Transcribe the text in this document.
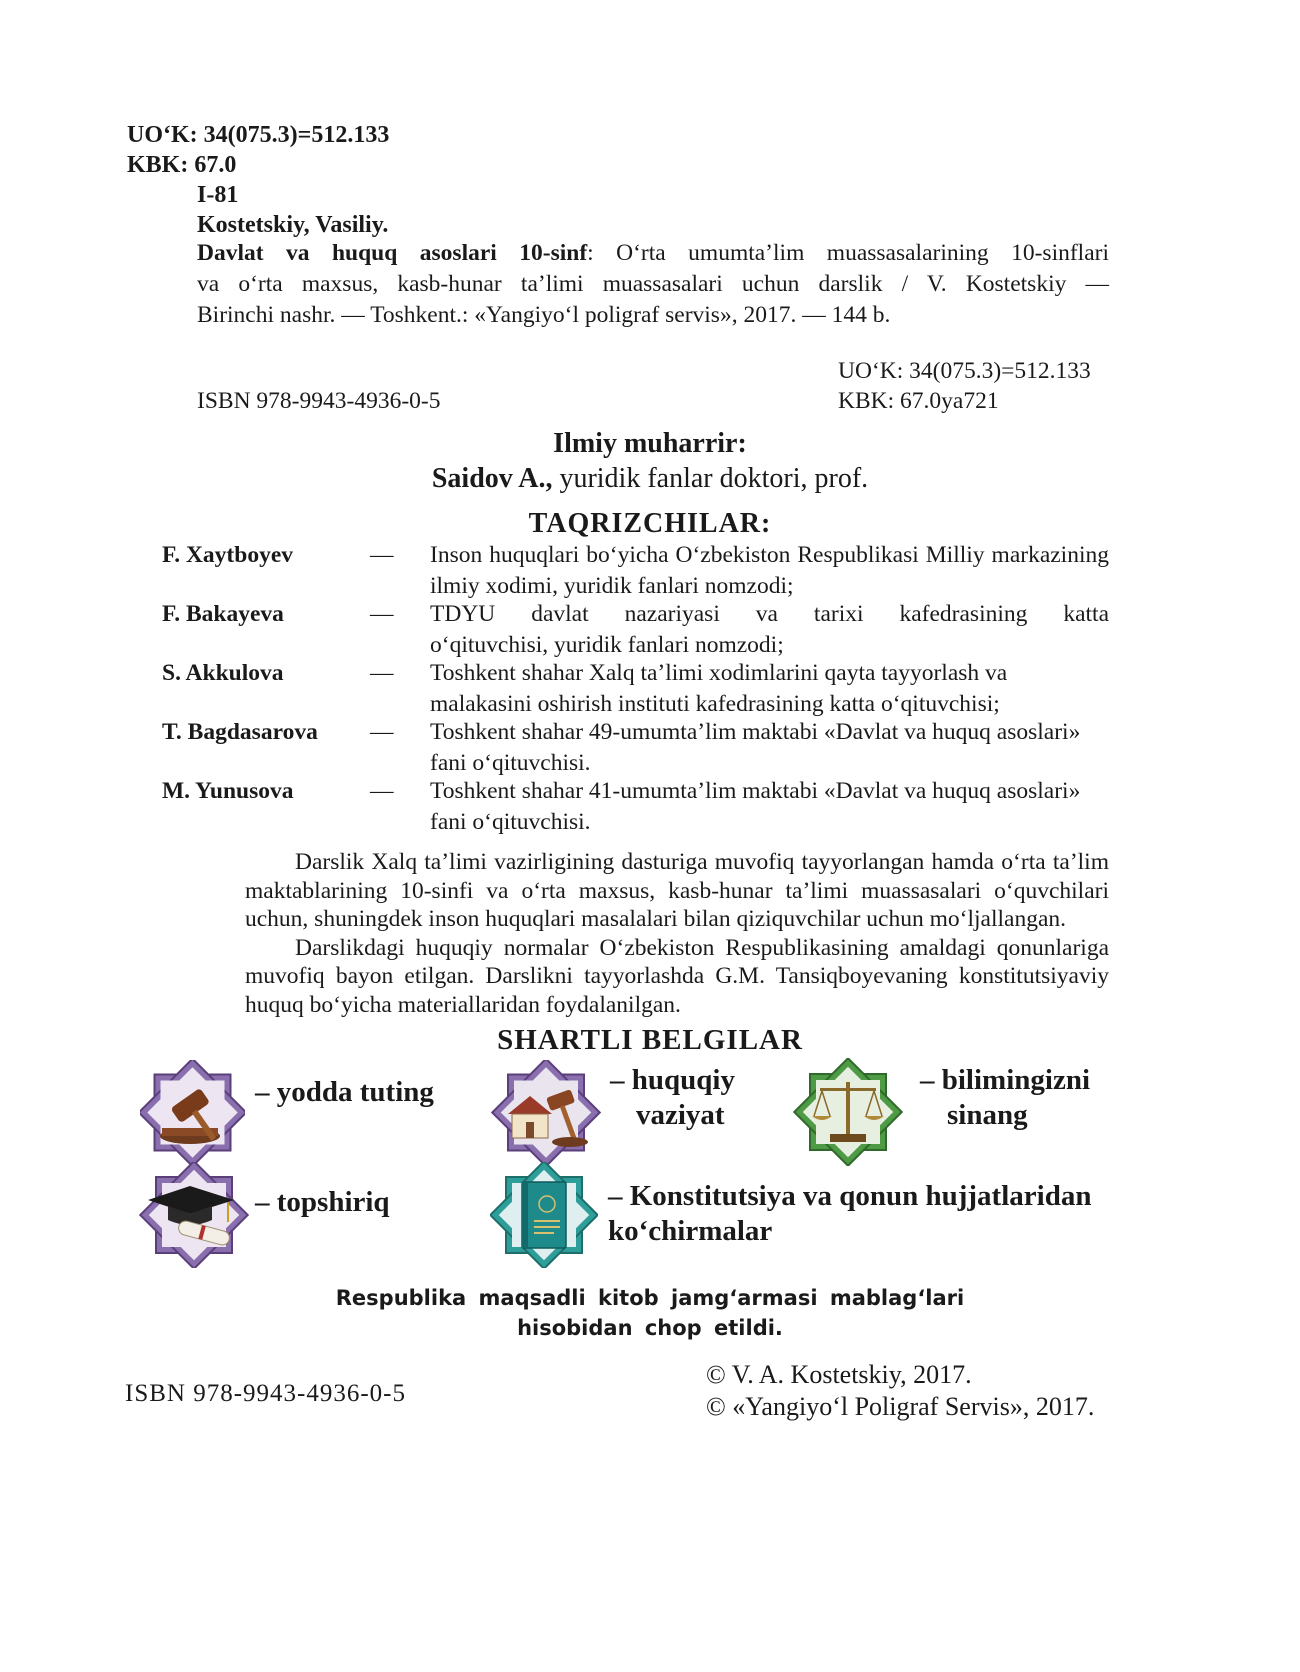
UO‘K: 34(075.3)=512.133
KBK: 67.0
I-81
Kostetskiy, Vasiliy.
Davlat va huquq asoslari 10-sinf: O‘rta umumta’lim muassasalarining 10-sinflari
va o‘rta maxsus, kasb-hunar ta’limi muassasalari uchun darslik / V. Kostetskiy —
Birinchi nashr. — Toshkent.: «Yangiyo‘l poligraf servis», 2017. — 144 b.
UO‘K: 34(075.3)=512.133
ISBN 978-9943-4936-0-5	KBK: 67.0ya721
Ilmiy muharrir:
Saidov A., yuridik fanlar doktori, prof.
TAQRIZCHILAR:
F. Xaytboyev	— Inson huquqlari bo‘yicha O‘zbekiston Respublikasi Milliy markazining
ilmiy xodimi, yuridik fanlari nomzodi;
F. Bakayeva	— TDYU davlat nazariyasi va tarixi kafedrasining katta
o‘qituvchisi, yuridik fanlari nomzodi;
S. Akkulova	— Toshkent shahar Xalq ta’limi xodimlarini qayta tayyorlash va
malakasini oshirish instituti kafedrasining katta o‘qituvchisi;
T. Bagdasarova — Toshkent shahar 49-umumta’lim maktabi «Davlat va huquq asoslari»
fani o‘qituvchisi.
M. Yunusova	— Toshkent shahar 41-umumta’lim maktabi «Davlat va huquq asoslari»
fani o‘qituvchisi.
Darslik Xalq ta’limi vazirligining dasturiga muvofiq tayyorlangan hamda o‘rta ta’lim
maktablarining 10-sinfi va o‘rta maxsus, kasb-hunar ta’limi muassasalari o‘quvchilari
uchun, shuningdek inson huquqlari masalalari bilan qiziquvchilar uchun mo‘ljallangan.
Darslikdagi huquqiy normalar O‘zbekiston Respublikasining amaldagi qonunlariga
muvofiq bayon etilgan. Darslikni tayyorlashda G.M. Tansiqboyevaning konstitutsiyaviy
huquq bo‘yicha materiallaridan foydalanilgan.
SHARTLI BELGILAR
– yodda tuting	– huquqiy
vaziyat
– bilimingizni
sinang
– topshiriq	– Konstitutsiya va qonun hujjatlaridan
ko‘chirmalar
Respublika maqsadli kitob jamg‘armasi mablag‘lari
hisobidan chop etildi.
© V. A. Kostetskiy, 2017.
ISBN 978-9943-4936-0-5	© «Yangiyo‘l Poligraf Servis», 2017.
